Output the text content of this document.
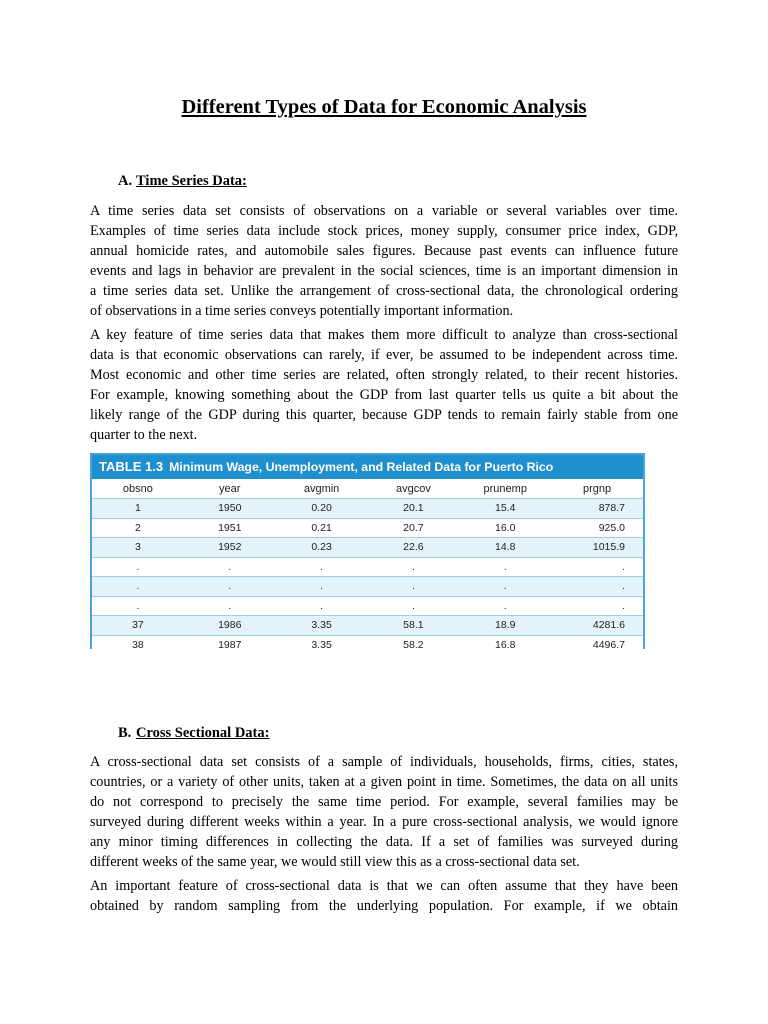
Different Types of Data for Economic Analysis
A. Time Series Data:

A time series data set consists of observations on a variable or several variables over time.
Examples of time series data include stock prices, money supply, consumer price index, GDP,
annual homicide rates, and automobile sales figures. Because past events can influence future
events and lags in behavior are prevalent in the social sciences, time is an important dimension in
a time series data set. Unlike the arrangement of cross-sectional data, the chronological ordering
of observations in a time series conveys potentially important information.

A key feature of time series data that makes them more difficult to analyze than cross-sectional
data is that economic observations can rarely, if ever, be assumed to be independent across time.
Most economic and other time series are related, often strongly related, to their recent histories.
For example, knowing something about the GDP from last quarter tells us quite a bit about the
likely range of the GDP during this quarter, because GDP tends to remain fairly stable from one
quarter to the next.

TABLE 1.3 Minimum Wage, Unemployment, and Related Data for Puerto Rico
obsno	year	avgmin	avgcov	prunemp	prgnp
1	1950	0.20	20.1	15.4	878.7
2	1951	0.21	20.7	16.0	925.0
3	1952	0.23	22.6	14.8	1015.9
.	.	.	.	.	.
.	.	.	.	.	.
.	.	.	.	.	.
37	1986	3.35	58.1	18.9	4281.6
38	1987	3.35	58.2	16.8	4496.7
B. Cross Sectional Data:

A cross-sectional data set consists of a sample of individuals, households, firms, cities, states,
countries, or a variety of other units, taken at a given point in time. Sometimes, the data on all units
do not correspond to precisely the same time period. For example, several families may be
surveyed during different weeks within a year. In a pure cross-sectional analysis, we would ignore
any minor timing differences in collecting the data. If a set of families was surveyed during
different weeks of the same year, we would still view this as a cross-sectional data set.

An important feature of cross-sectional data is that we can often assume that they have been
obtained by random sampling from the underlying population. For example, if we obtain
